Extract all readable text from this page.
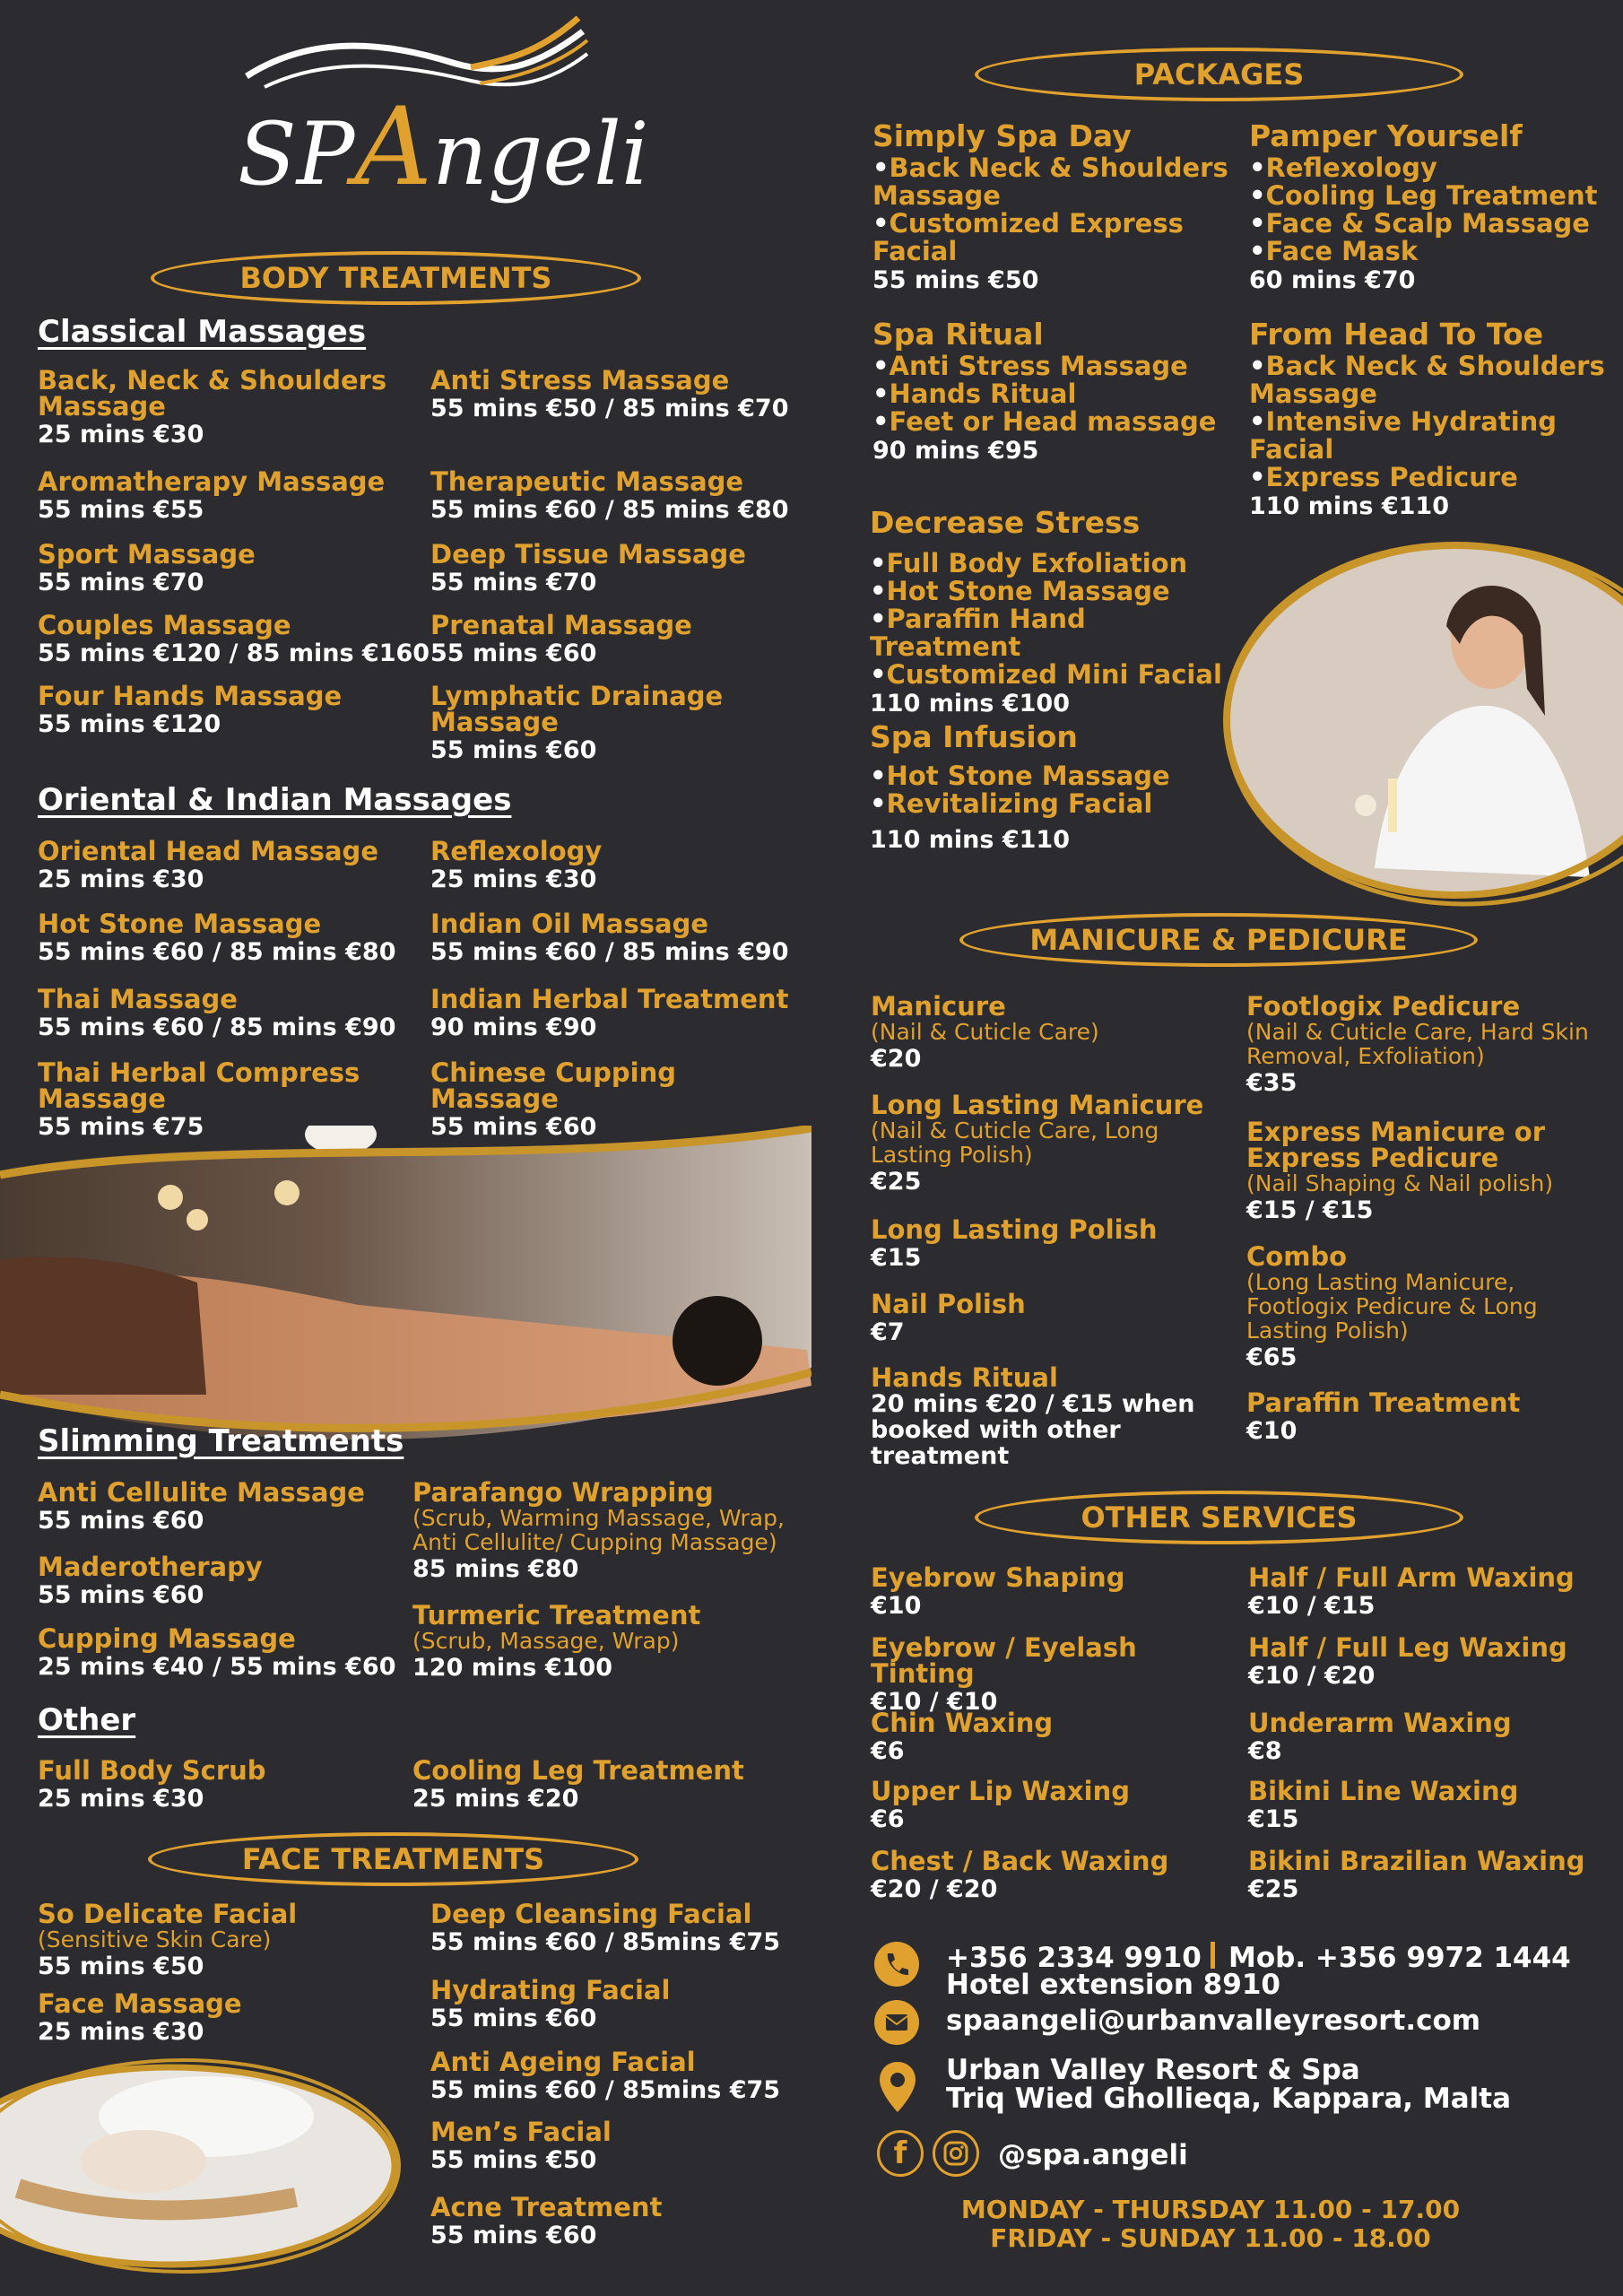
SPAngeli
BODY TREATMENTS
Classical Massages
Back, Neck & Shoulders Massage
25 mins €30
Anti Stress Massage
55 mins €50 / 85 mins €70
Aromatherapy Massage
55 mins €55
Therapeutic Massage
55 mins €60 / 85 mins €80
Sport Massage
55 mins €70
Deep Tissue Massage
55 mins €70
Couples Massage
55 mins €120 / 85 mins €160
Prenatal Massage
55 mins €60
Four Hands Massage
55 mins €120
Lymphatic Drainage Massage
55 mins €60
Oriental & Indian Massages
Oriental Head Massage
25 mins €30
Reflexology
25 mins €30
Hot Stone Massage
55 mins €60 / 85 mins €80
Indian Oil Massage
55 mins €60 / 85 mins €90
Thai Massage
55 mins €60 / 85 mins €90
Indian Herbal Treatment
90 mins €90
Thai Herbal Compress Massage
55 mins €75
Chinese Cupping Massage
55 mins €60
Slimming Treatments
Anti Cellulite Massage
55 mins €60
Parafango Wrapping
(Scrub, Warming Massage, Wrap, Anti Cellulite/ Cupping Massage)
85 mins €80
Maderotherapy
55 mins €60
Turmeric Treatment
(Scrub, Massage, Wrap)
120 mins €100
Cupping Massage
25 mins €40 / 55 mins €60
Other
Full Body Scrub
25 mins €30
Cooling Leg Treatment
25 mins €20
FACE TREATMENTS
So Delicate Facial
(Sensitive Skin Care)
55 mins €50
Deep Cleansing Facial
55 mins €60 / 85mins €75
Face Massage
25 mins €30
Hydrating Facial
55 mins €60
Anti Ageing Facial
55 mins €60 / 85mins €75
Men’s Facial
55 mins €50
Acne Treatment
55 mins €60
PACKAGES
Simply Spa Day
•Back Neck & Shoulders Massage
•Customized Express Facial
55 mins €50
Pamper Yourself
•Reflexology
•Cooling Leg Treatment
•Face & Scalp Massage
•Face Mask
60 mins €70
Spa Ritual
•Anti Stress Massage
•Hands Ritual
•Feet or Head massage
90 mins €95
From Head To Toe
•Back Neck & Shoulders Massage
•Intensive Hydrating Facial
•Express Pedicure
110 mins €110
Decrease Stress
•Full Body Exfoliation
•Hot Stone Massage
•Paraffin Hand Treatment
•Customized Mini Facial
110 mins €100
Spa Infusion
•Hot Stone Massage
•Revitalizing Facial
110 mins €110
MANICURE & PEDICURE
Manicure
(Nail & Cuticle Care)
€20
Footlogix Pedicure
(Nail & Cuticle Care, Hard Skin Removal, Exfoliation)
€35
Long Lasting Manicure
(Nail & Cuticle Care, Long Lasting Polish)
€25
Express Manicure or Express Pedicure
(Nail Shaping & Nail polish)
€15 / €15
Long Lasting Polish
€15	Combo
(Long Lasting Manicure, Footlogix Pedicure & Long Lasting Polish)
€65
Nail Polish
€7
Hands Ritual
20 mins €20 / €15 when booked with other treatment
Paraffin Treatment
€10
OTHER SERVICES
Eyebrow Shaping
€10
Half / Full Arm Waxing
€10 / €15
Eyebrow / Eyelash Tinting
€10 / €10
Half / Full Leg Waxing
€10 / €20
Chin Waxing
€6
Underarm Waxing
€8
Upper Lip Waxing
€6
Bikini Line Waxing
€15
Chest / Back Waxing
€20 / €20
Bikini Brazilian Waxing
€25
+356 2334 9910 Mob. +356 9972 1444
Hotel extension 8910
spaangeli@urbanvalleyresort.com
Urban Valley Resort & Spa
Triq Wied Ghollieqa, Kappara, Malta
f	@spa.angeli
MONDAY - THURSDAY 11.00 - 17.00
FRIDAY - SUNDAY 11.00 - 18.00
